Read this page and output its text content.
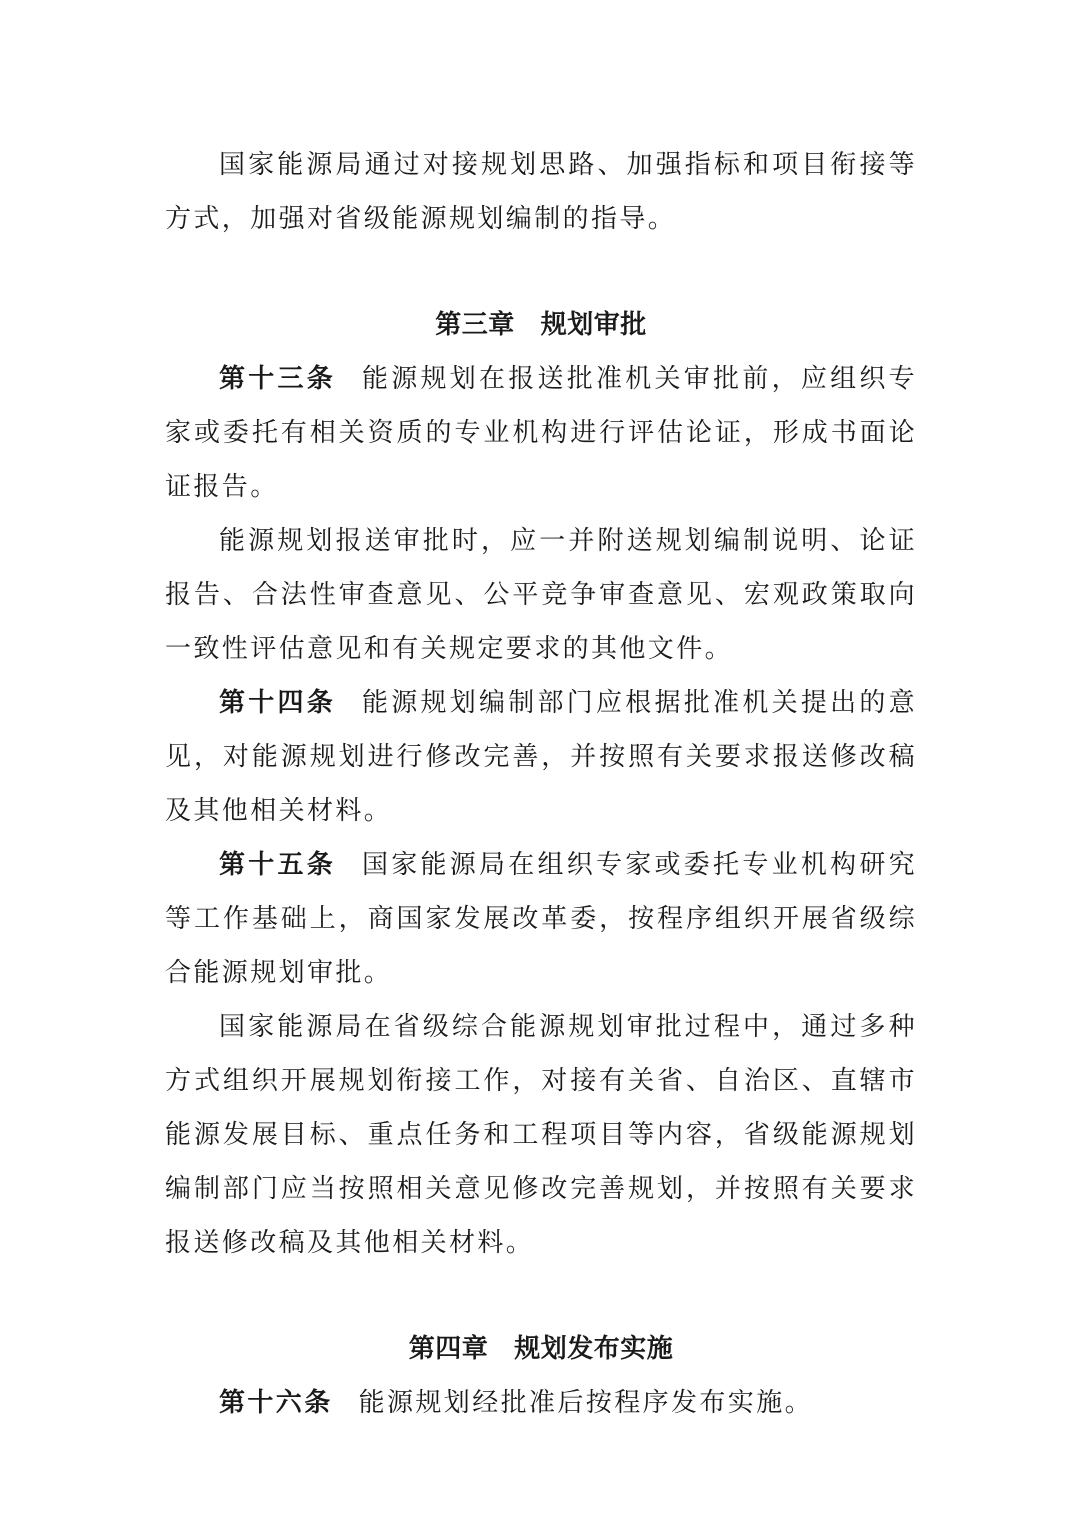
国家能源局通过对接规划思路、加强指标和项目衔接等方式，加强对省级能源规划编制的指导。

第三章 规划审批

第十三条 能源规划在报送批准机关审批前，应组织专家或委托有相关资质的专业机构进行评估论证，形成书面论证报告。

能源规划报送审批时，应一并附送规划编制说明、论证报告、合法性审查意见、公平竞争审查意见、宏观政策取向一致性评估意见和有关规定要求的其他文件。

第十四条 能源规划编制部门应根据批准机关提出的意见，对能源规划进行修改完善，并按照有关要求报送修改稿及其他相关材料。

第十五条 国家能源局在组织专家或委托专业机构研究等工作基础上，商国家发展改革委，按程序组织开展省级综合能源规划审批。

国家能源局在省级综合能源规划审批过程中，通过多种方式组织开展规划衔接工作，对接有关省、自治区、直辖市能源发展目标、重点任务和工程项目等内容，省级能源规划编制部门应当按照相关意见修改完善规划，并按照有关要求报送修改稿及其他相关材料。

第四章 规划发布实施

第十六条 能源规划经批准后按程序发布实施。
